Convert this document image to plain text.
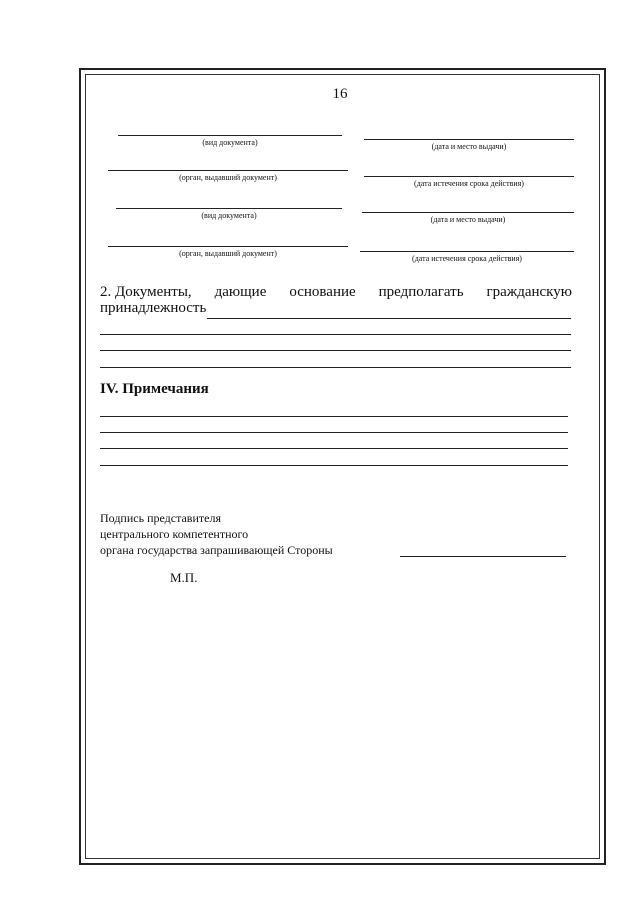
16
(вид документа)	(дата и место выдачи)
(орган, выдавший документ)
(дата истечения срока действия)
(вид документа)	(дата и место выдачи)
(орган, выдавший документ)
(дата истечения срока действия)
2. Документы, дающие основание предполагать гражданскую
принадлежность
IV. Примечания
Подпись представителя
центрального компетентного
органа государства запрашивающей Стороны
М.П.
